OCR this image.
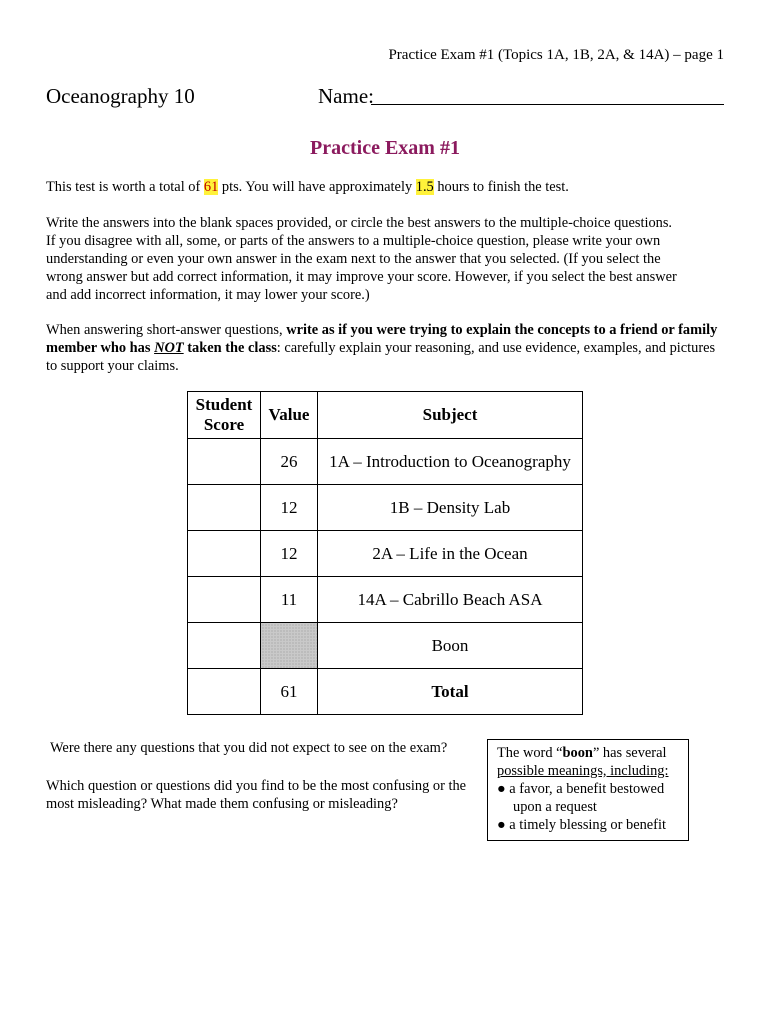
Practice Exam #1 (Topics 1A, 1B, 2A, & 14A) – page 1
Oceanography 10	Name:
Practice Exam #1
This test is worth a total of 61 pts. You will have approximately 1.5 hours to finish the test.
Write the answers into the blank spaces provided, or circle the best answers to the multiple-choice questions.
If you disagree with all, some, or parts of the answers to a multiple-choice question, please write your own
understanding or even your own answer in the exam next to the answer that you selected. (If you select the
wrong answer but add correct information, it may improve your score. However, if you select the best answer
and add incorrect information, it may lower your score.)
When answering short-answer questions, write as if you were trying to explain the concepts to a friend or family member who has NOT taken the class: carefully explain your reasoning, and use evidence, examples, and pictures to support your claims.
Student
Score	Value	Subject
	26	1A – Introduction to Oceanography
	12	1B – Density Lab
	12	2A – Life in the Ocean
	11	14A – Cabrillo Beach ASA
		Boon
	61	Total
Were there any questions that you did not expect to see on the exam?
Which question or questions did you find to be the most confusing or the most misleading? What made them confusing or misleading?
The word “boon” has several
possible meanings, including:
● a favor, a benefit bestowed
upon a request
● a timely blessing or benefit
